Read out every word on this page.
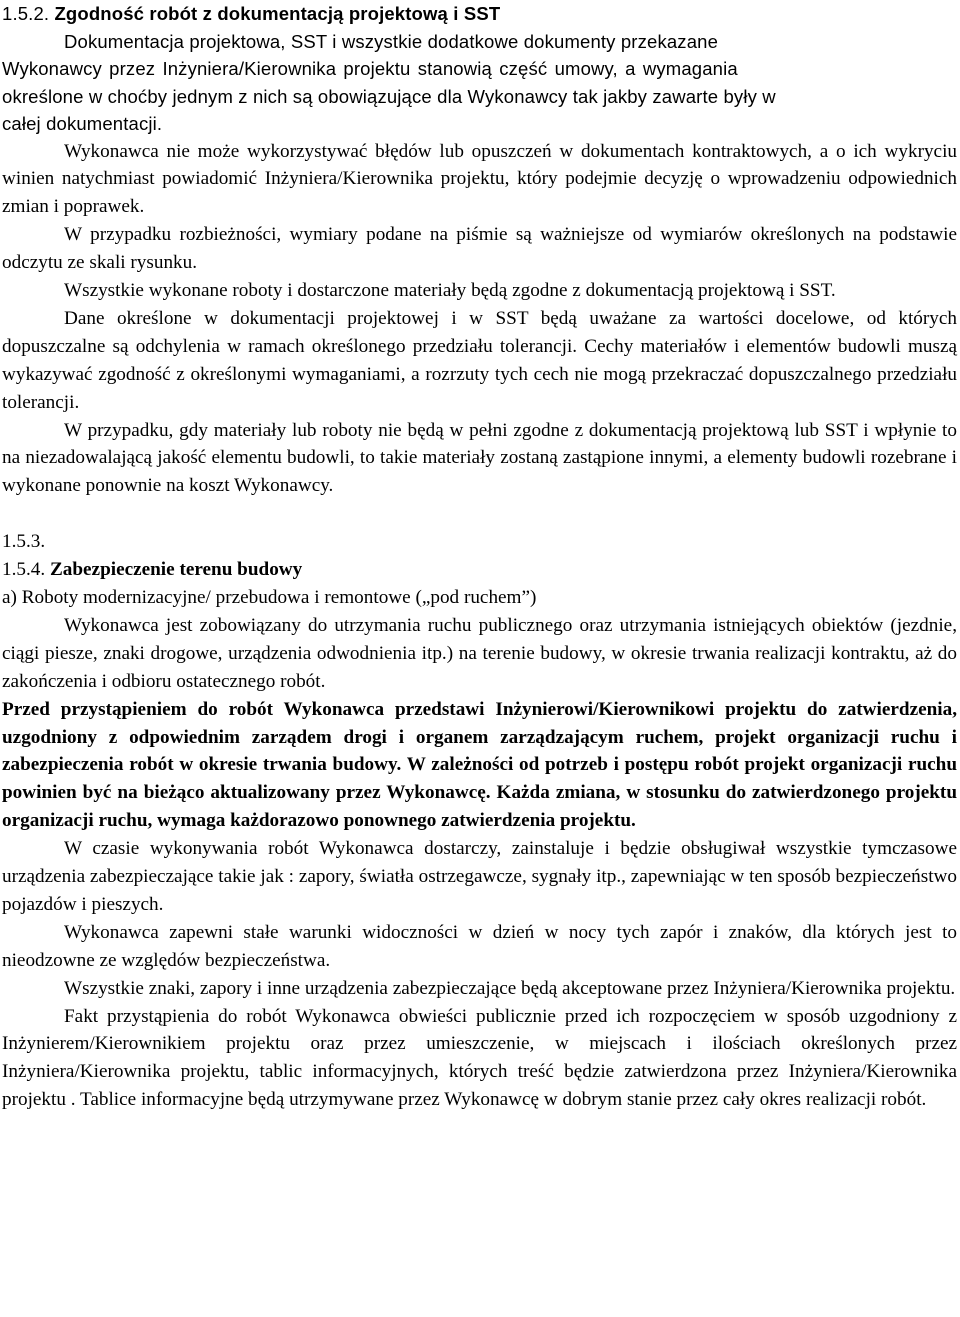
1.5.2. Zgodność robót z dokumentacją projektową i SST

Dokumentacja projektowa, SST i wszystkie dodatkowe dokumenty przekazane

Wykonawcy przez Inżyniera/Kierownika projektu stanowią część umowy, a wymagania

określone w choćby jednym z nich są obowiązujące dla Wykonawcy tak jakby zawarte były w

całej dokumentacji.

Wykonawca nie może wykorzystywać błędów lub opuszczeń w dokumentach kontraktowych, a o ich wykryciu winien natychmiast powiadomić Inżyniera/Kierownika projektu, który podejmie decyzję o wprowadzeniu odpowiednich zmian i poprawek.

W przypadku rozbieżności, wymiary podane na piśmie są ważniejsze od wymiarów określonych na podstawie odczytu ze skali rysunku.

Wszystkie wykonane roboty i dostarczone materiały będą zgodne z dokumentacją projektową i SST.

Dane określone w dokumentacji projektowej i w SST będą uważane za wartości docelowe, od których dopuszczalne są odchylenia w ramach określonego przedziału tolerancji. Cechy materiałów i elementów budowli muszą wykazywać zgodność z określonymi wymaganiami, a rozrzuty tych cech nie mogą przekraczać dopuszczalnego przedziału tolerancji.

W przypadku, gdy materiały lub roboty nie będą w pełni zgodne z dokumentacją projektową lub SST i wpłynie to na niezadowalającą jakość elementu budowli, to takie materiały zostaną zastąpione innymi, a elementy budowli rozebrane i wykonane ponownie na koszt Wykonawcy.

1.5.3.

1.5.4. Zabezpieczenie terenu budowy

a) Roboty modernizacyjne/ przebudowa i remontowe („pod ruchem”)

Wykonawca jest zobowiązany do utrzymania ruchu publicznego oraz utrzymania istniejących obiektów (jezdnie, ciągi piesze, znaki drogowe, urządzenia odwodnienia itp.) na terenie budowy, w okresie trwania realizacji kontraktu, aż do zakończenia i odbioru ostatecznego robót.

Przed przystąpieniem do robót Wykonawca przedstawi Inżynierowi/Kierownikowi projektu do zatwierdzenia, uzgodniony z odpowiednim zarządem drogi i organem zarządzającym ruchem, projekt organizacji ruchu i zabezpieczenia robót w okresie trwania budowy. W zależności od potrzeb i postępu robót projekt organizacji ruchu powinien być na bieżąco aktualizowany przez Wykonawcę. Każda zmiana, w stosunku do zatwierdzonego projektu organizacji ruchu, wymaga każdorazowo ponownego zatwierdzenia projektu.

W czasie wykonywania robót Wykonawca dostarczy, zainstaluje i będzie obsługiwał wszystkie tymczasowe urządzenia zabezpieczające takie jak : zapory, światła ostrzegawcze, sygnały itp., zapewniając w ten sposób bezpieczeństwo pojazdów i pieszych.

Wykonawca zapewni stałe warunki widoczności w dzień w nocy tych zapór i znaków, dla których jest to nieodzowne ze względów bezpieczeństwa.

Wszystkie znaki, zapory i inne urządzenia zabezpieczające będą akceptowane przez Inżyniera/Kierownika projektu.

Fakt przystąpienia do robót Wykonawca obwieści publicznie przed ich rozpoczęciem w sposób uzgodniony z Inżynierem/Kierownikiem projektu oraz przez umieszczenie, w miejscach i ilościach określonych przez Inżyniera/Kierownika projektu, tablic informacyjnych, których treść będzie zatwierdzona przez Inżyniera/Kierownika projektu . Tablice informacyjne będą utrzymywane przez Wykonawcę w dobrym stanie przez cały okres realizacji robót.
